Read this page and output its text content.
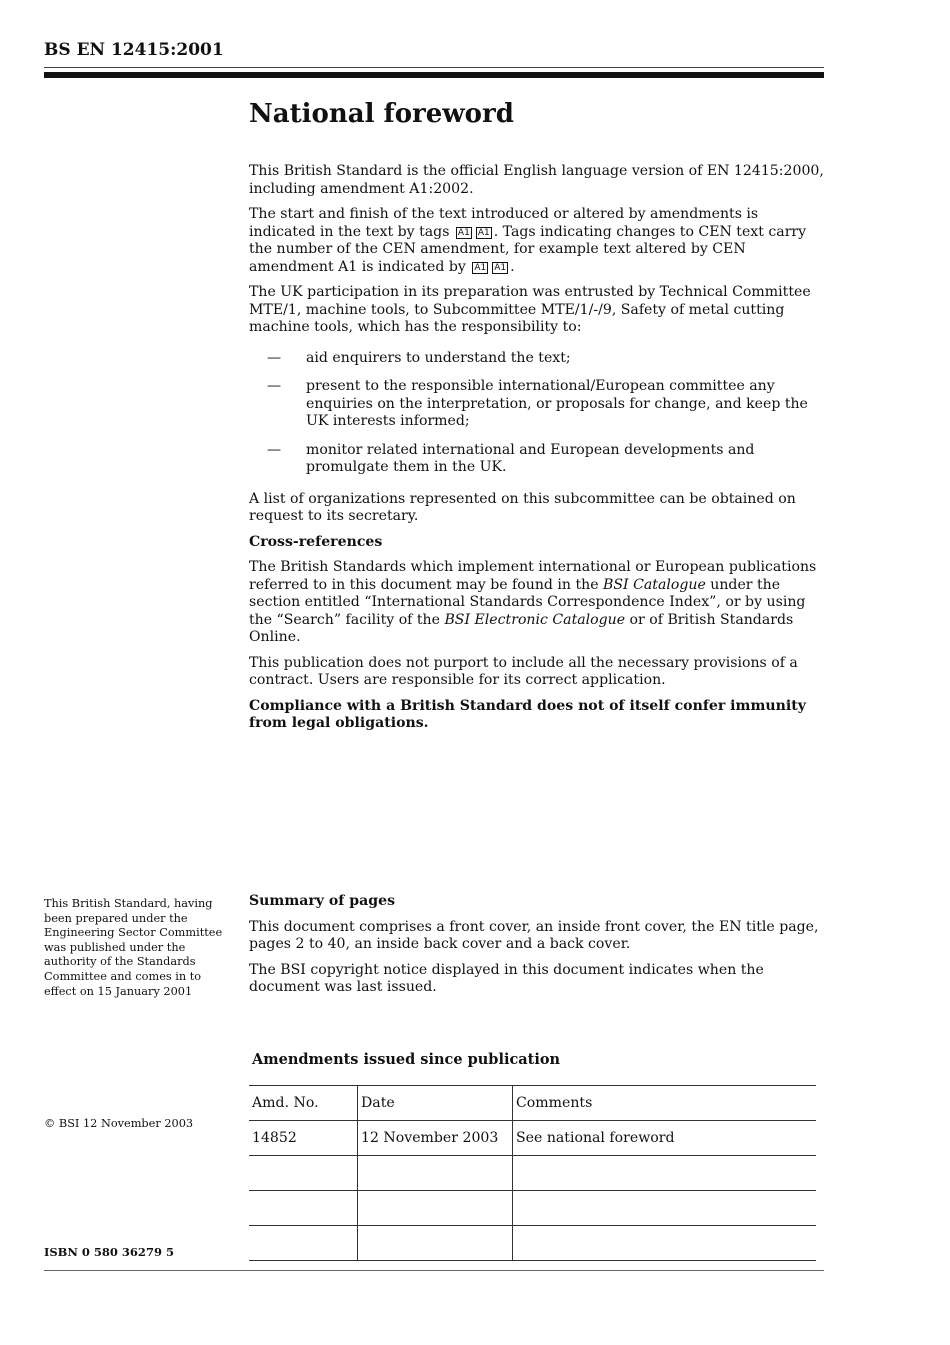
BS EN 12415:2001
National foreword

This British Standard is the official English language version of EN 12415:2000, including amendment A1:2002.

The start and finish of the text introduced or altered by amendments is indicated in the text by tags A1 A1 . Tags indicating changes to CEN text carry the number of the CEN amendment, for example text altered by CEN amendment A1 is indicated by A1 A1 .

The UK participation in its preparation was entrusted by Technical Committee MTE/1, machine tools, to Subcommittee MTE/1/-/9, Safety of metal cutting machine tools, which has the responsibility to:

— aid enquirers to understand the text;
— present to the responsible international/European committee any enquiries on the interpretation, or proposals for change, and keep the UK interests informed;
— monitor related international and European developments and promulgate them in the UK.

A list of organizations represented on this subcommittee can be obtained on request to its secretary.

Cross-references

The British Standards which implement international or European publications referred to in this document may be found in the BSI Catalogue under the section entitled “International Standards Correspondence Index”, or by using the “Search” facility of the BSI Electronic Catalogue or of British Standards Online.

This publication does not purport to include all the necessary provisions of a contract. Users are responsible for its correct application.

Compliance with a British Standard does not of itself confer immunity from legal obligations.

This British Standard, having been prepared under the Engineering Sector Committee was published under the authority of the Standards Committee and comes in to effect on 15 January 2001

Summary of pages

This document comprises a front cover, an inside front cover, the EN title page, pages 2 to 40, an inside back cover and a back cover.

The BSI copyright notice displayed in this document indicates when the document was last issued.

Amendments issued since publication
Amd. No.	Date	Comments
14852	12 November 2003	See national foreword

© BSI 12 November 2003
ISBN 0 580 36279 5
